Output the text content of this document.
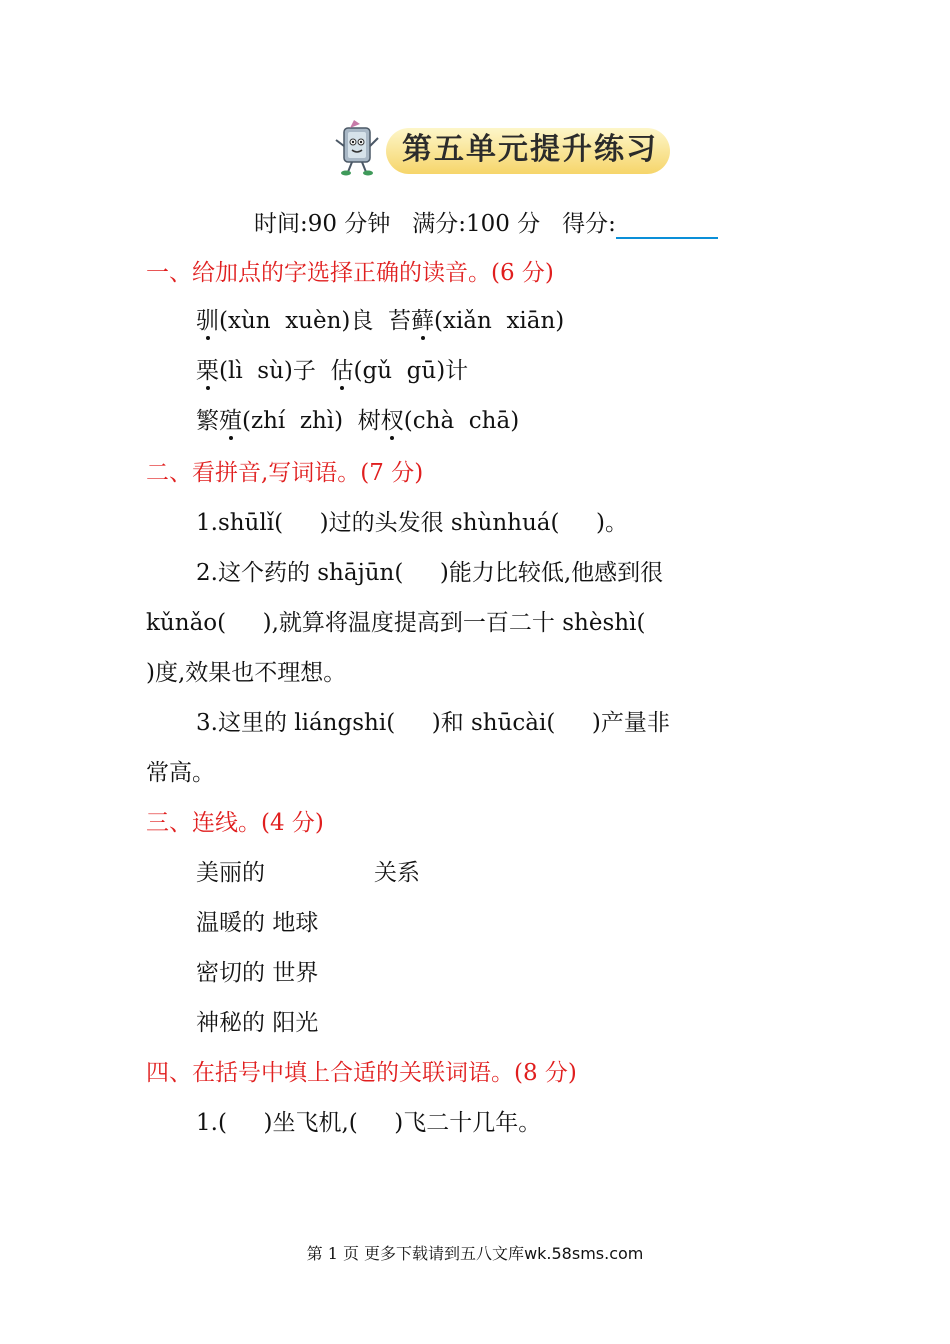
第五单元提升练习
时间:90 分钟 满分:100 分 得分:
一、给加点的字选择正确的读音。(6 分)
驯(xùn  xuèn)良 苔藓(xiǎn  xiān)
栗(lì  sù)子 估(gǔ  gū)计
繁殖(zhí  zhì) 树杈(chà  chā)
二、看拼音,写词语。(7 分)
1.shūlǐ(     )过的头发很 shùnhuá(     )。
2.这个药的 shājūn(     )能力比较低,他感到很
kǔnǎo(     ),就算将温度提高到一百二十 shèshì(
)度,效果也不理想。
3.这里的 liángshi(     )和 shūcài(     )产量非
常高。
三、连线。(4 分)
美丽的	关系
温暖的 地球
密切的 世界
神秘的 阳光
四、在括号中填上合适的关联词语。(8 分)
1.(     )坐飞机,(     )飞二十几年。
第 1 页 更多下载请到五八文库wk.58sms.com
